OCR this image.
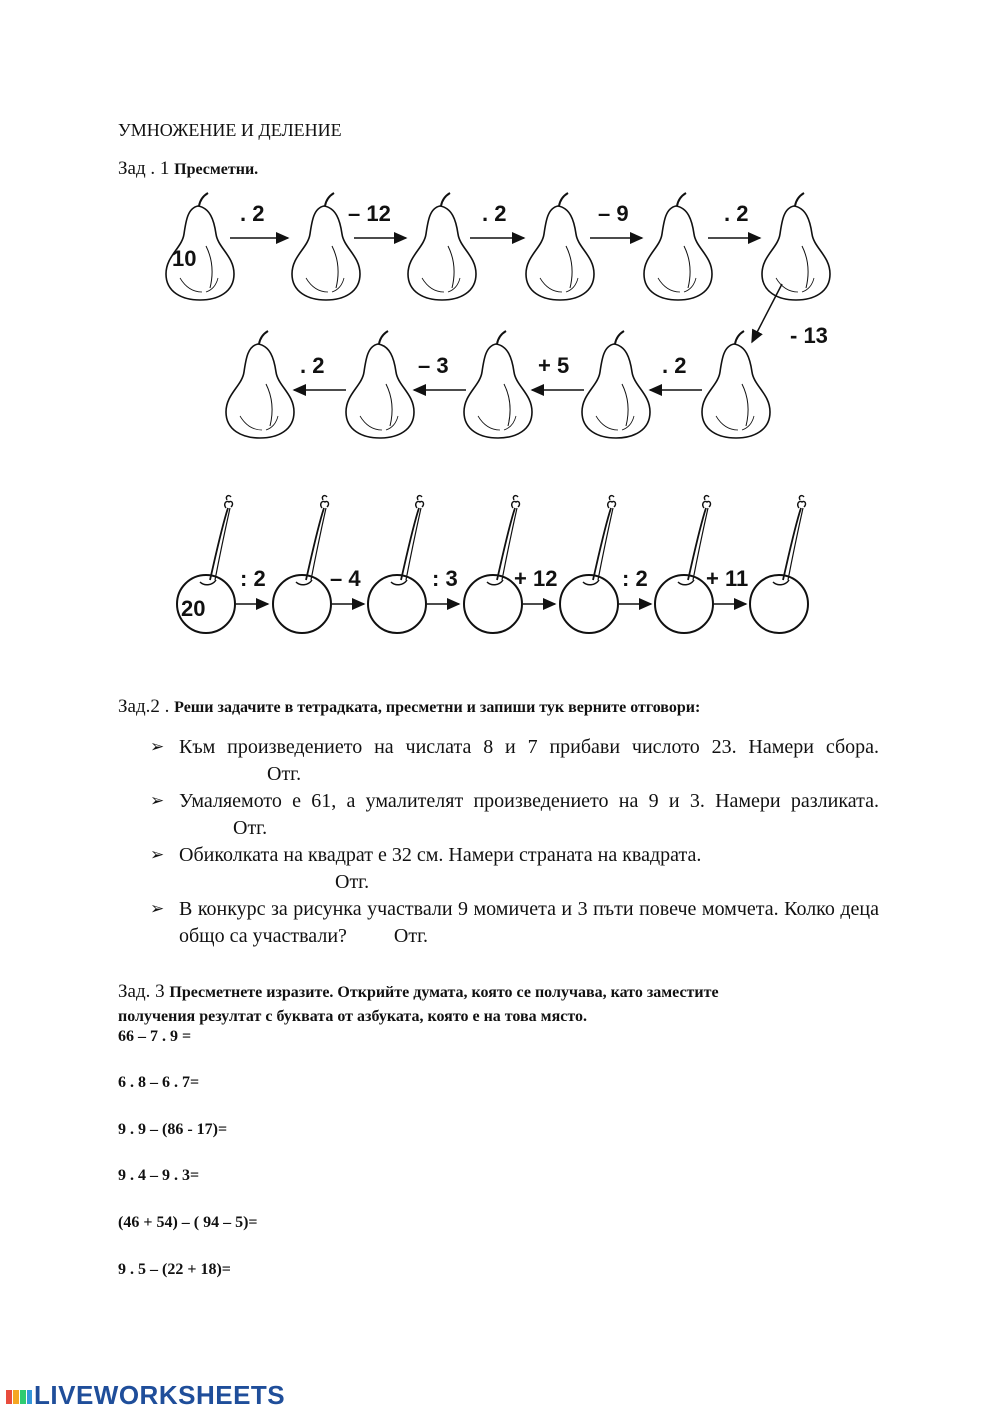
УМНОЖЕНИЕ И ДЕЛЕНИЕ
Зад . 1 Пресметни.
10
. 2	– 12	. 2	– 9	. 2
- 13
. 2
+ 5
– 3
. 2
20
: 2	– 4	: 3	+ 12	: 2	+ 11
Зад.2 . Реши задачите в тетрадката, пресметни и запиши тук верните отговори:
➢ Към произведението на числата 8 и 7 прибави числото 23. Намери сбора. Отг.
➢ Умаляемото е 61, а умалителят произведението на 9 и 3. Намери разликата. Отг.
➢ Обиколката на квадрат е 32 см. Намери страната на квадрата.
Отг.
➢ В конкурс за рисунка участвали 9 момичета и 3 пъти повече момчета. Колко деца общо са участвали? Отг.
Зад. 3 Пресметнете изразите. Открийте думата, която се получава, като заместите
получения резултат с буквата от азбуката, която е на това място.
66 – 7 . 9 =
6 . 8 – 6 . 7=
9 . 9 – (86 - 17)=
9 . 4 – 9 . 3=
(46 + 54) – ( 94 – 5)=
9 . 5 – (22 + 18)=
LIVEWORKSHEETS
